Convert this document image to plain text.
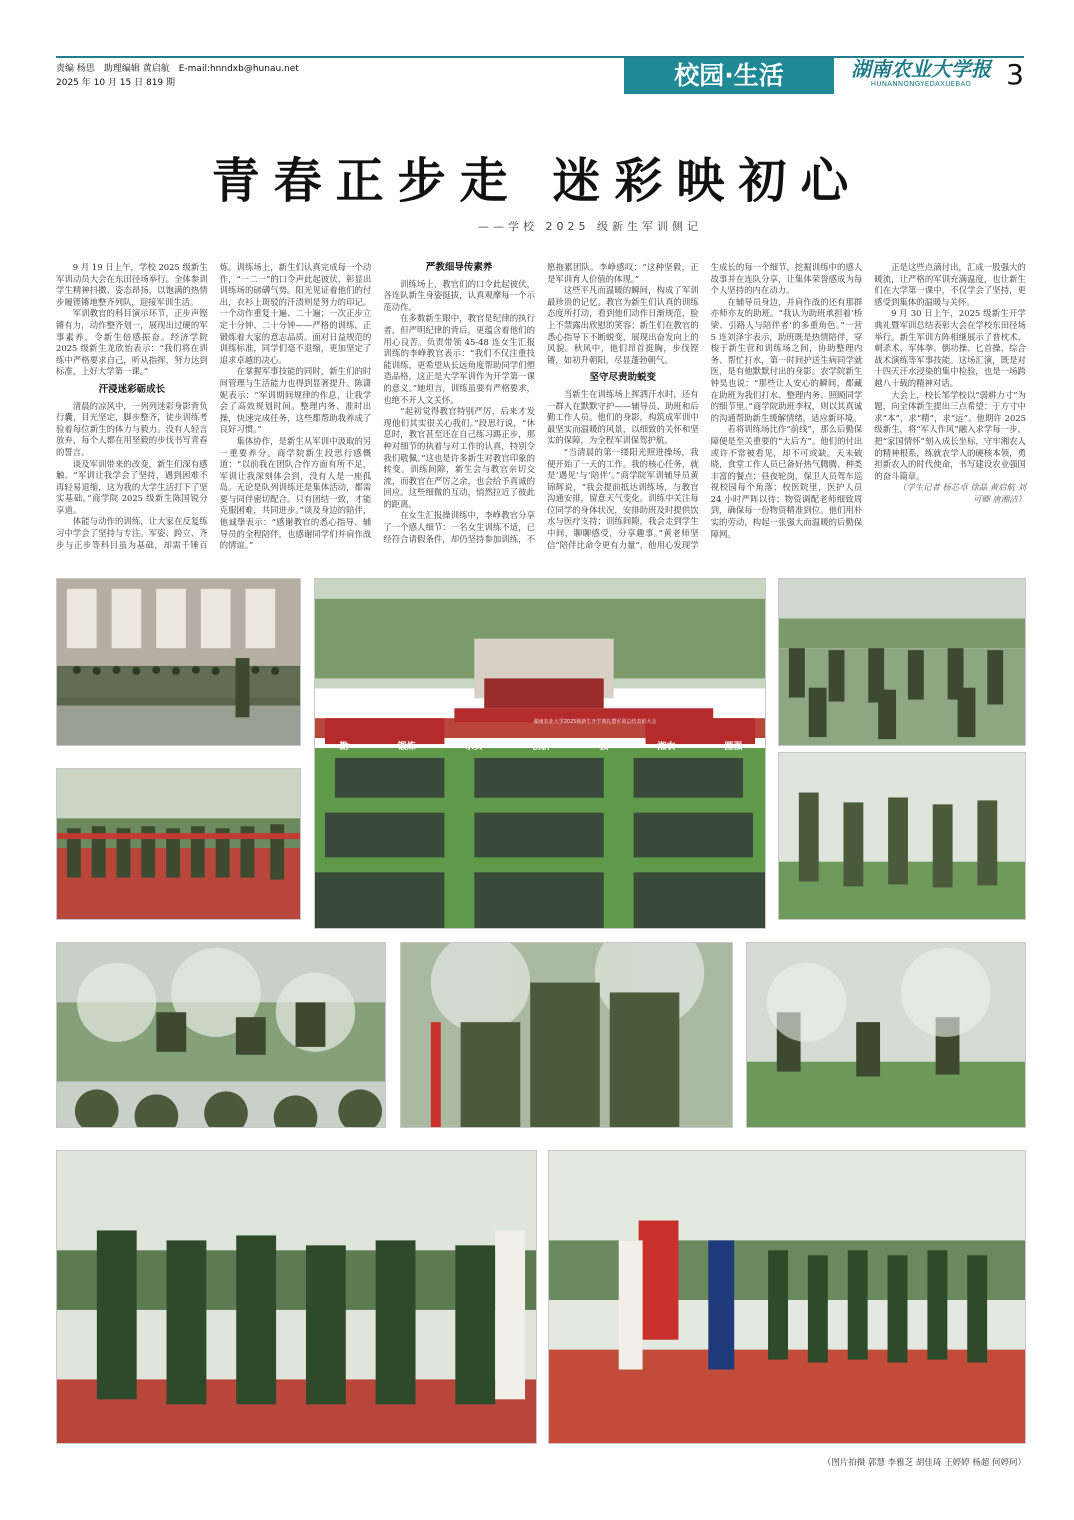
责编 杨思　助理编辑 黄启航　E-mail:hnndxb@hunau.net
2025 年 10 月 15 日 819 期	校园·生活	湖南农业大学报
HUNANNONGYEDAXUEBAO	3
青春正步走 迷彩映初心
——学校 2025 级新生军训侧记

9 月 19 日上午，学校 2025 级新生军训动员大会在东田径场举行。全体参训学生精神抖擞、姿态昂扬，以饱满的热情步履铿锵地整齐列队，迎接军训生活。

军训教官的科目演示环节，正步声铿锵有力，动作整齐划一，展现出过硬的军事素养，令新生倍感振奋。经济学院 2025 级新生龙欣怡表示：“我们将在训练中严格要求自己，听从指挥，努力达到标准，上好大学第一课。”

汗浸迷彩砺成长

清晨的凉风中，一列列迷彩身影背负行囊，目光坚定，脚步整齐，徒步训练考验着每位新生的体力与毅力。没有人轻言放弃，每个人都在用坚毅的步伐书写青春的誓言。

谈及军训带来的改变，新生们深有感触。“军训让我学会了坚持，遇到困难不再轻易退缩，这为我的大学生活打下了坚实基础。”商学院 2025 级新生陈国锐分享道。

体能与动作的训练，让大家在反复练习中学会了坚持与专注。军姿、跨立、齐步与正步等科目虽为基础，却需千锤百炼。训练场上，新生们认真完成每一个动作，“一二一”的口令声此起彼伏，彰显出训练场的磅礴气势。阳光见证着他们的付出，衣衫上斑驳的汗渍则是努力的印记。一个动作重复十遍、二十遍；一次正步立定十分钟、二十分钟——严格的训练，正锻炼着大家的意志品质。面对日益规范的训练标准，同学们毫不退缩，更加坚定了追求卓越的决心。

在掌握军事技能的同时，新生们的时间管理与生活能力也得到显著提升。陈潇妮表示：“军训期间规律的作息，让我学会了高效规划时间。整理内务、准时出操，快速完成任务，这些都帮助我养成了良好习惯。”

集体协作，是新生从军训中汲取的另一重要养分。商学院新生段思行感慨道：“以前我在团队合作方面有所不足，军训让我深刻体会到，没有人是一座孤岛。无论是队列训练还是集体活动，都需要与同伴密切配合。只有团结一致，才能克服困难，共同进步。”谈及身边的陪伴，他诚挚表示：“感谢教官的悉心指导、辅导员的全程陪伴，也感谢同学们并肩作战的情谊。”

严教细导传素养

训练场上，教官们的口令此起彼伏，各连队新生身姿挺拔，认真观摩每一个示范动作。

在多数新生眼中，教官是纪律的执行者，但严明纪律的背后，更蕴含着他们的用心良苦。负责带领 45-48 连女生汇报训练的李峥教官表示：“我们不仅注重技能训练，更希望从长远角度帮助同学们塑造品格，这正是大学军训作为开学第一课的意义。”她坦言，训练虽要有严格要求，也绝不开人文关怀。

“起初觉得教官特别严厉，后来才发现他们其实很关心我们。”段思行说，“休息时，教官甚至还在自己练习踢正步，那种对细节的执着与对工作的认真，特别令我们敬佩。”这也是许多新生对教官印象的转变。训练间隙，新生会与教官亲切交流，而教官在严厉之余，也会给予真诚的回应。这些细微的互动，悄然拉近了彼此的距离。

在女生汇报操训练中，李峥教官分享了一个感人细节：一名女生训练不适，已经符合请假条件，却仍坚持参加训练，不愿拖累团队。李峥感叹：“这种坚毅，正是军训育人价值的体现。”

这些平凡而温暖的瞬间，构成了军训最珍贵的记忆。教官为新生们认真的训练态度所打动，看到他们动作日渐规范，脸上不禁露出欣慰的笑容；新生们在教官的悉心指导下不断蜕变，展现出奋发向上的风貌。秋风中，他们昂首挺胸，步伐铿锵，如初升朝阳，尽显蓬勃朝气。

坚守尽责助蜕变

当新生在训练场上挥洒汗水时，还有一群人在默默守护——辅导员、助班和后勤工作人员。他们的身影，构筑成军训中最坚实而温暖的风景，以细致的关怀和坚实的保障，为全程军训保驾护航。

“当清晨的第一缕阳光照进操场，我便开始了一天的工作。我的核心任务，就是‘遇见’与‘陪伴’。”商学院军训辅导员黄锦辉说，“我会提前抵达训练场，与教官沟通安排，留意天气变化。训练中关注每位同学的身体状况，安排助班及时提供饮水与医疗支持；训练间隙，我会走到学生中间，聊聊感受，分享趣事。”黄老师坚信“陪伴比命令更有力量”，他用心发现学生成长的每一个细节，挖掘训练中的感人故事并在连队分享，让集体荣誉感成为每个人坚持的内在动力。

在辅导员身边，并肩作战的还有那群亦师亦友的助班。“我认为助班承担着‘桥梁、引路人与陪伴者’的多重角色。”一营 5 连刘泽宇表示，助班既是热情陪伴，穿梭于新生营和训练场之间，协助整理内务、帮忙打水，第一时间护送生病同学就医，是有他默默付出的身影。农学院新生钟昊也说：“那些让人安心的瞬间，都藏在助班为我们打水、整理内务、照顾同学的细节里。”商学院助班李权，则以其真诚的沟通帮助新生缓解情绪，适应新环境。

若将训练场比作“前线”，那么后勤保障便是至关重要的“大后方”。他们的付出或许不常被看见，却不可或缺。天未破晓，食堂工作人员已备好热气腾腾、种类丰富的餐点；昼夜轮岗，保卫人员驾车巡视校园每个角落；校医院里，医护人员 24 小时严阵以待；物资调配老师细致周到，确保每一份物资精准到位。他们用朴实的劳动，构起一张强大而温暖的后勤保障网。

正是这些点滴付出，汇成一股强大的暖流，让严格的军训充满温度，也让新生们在大学第一课中，不仅学会了坚持，更感受到集体的温暖与关怀。

9 月 30 日上午，2025 级新生开学典礼暨军训总结表彰大会在学校东田径场举行。新生军训方阵相继展示了普枕术、刺杀术、军体拳、倒功操、匕首操、综合战术演练等军事技能。这场汇演，既是对十四天汗水浸染的集中检验，也是一场跨越八十载的精神对话。

大会上，校长邹学校以“弱耕力寸”为题，向全体新生提出三点希望：于方寸中求“本”，求“精”，求“远”。他期许 2025 级新生，将“军人作风”融入求学每一步，把“家国情怀”刻入成长坐标，守牢湘农人的精神根系，练就农学人的硬核本领，勇担新农人的时代使命，书写建设农业强国的奋斗篇章。

（学生记者 杨芯卓 徐晶 黄启航 刘可卿 唐湘洁）

湖南农业大学2025级新生开学典礼暨军训总结表彰大会
勤	锻炼	求实	创新	强	湘农	图强
（图片拍摄 郭慧 李雅芝 胡佳琦 王婷婷 杨超 何婷珂）
